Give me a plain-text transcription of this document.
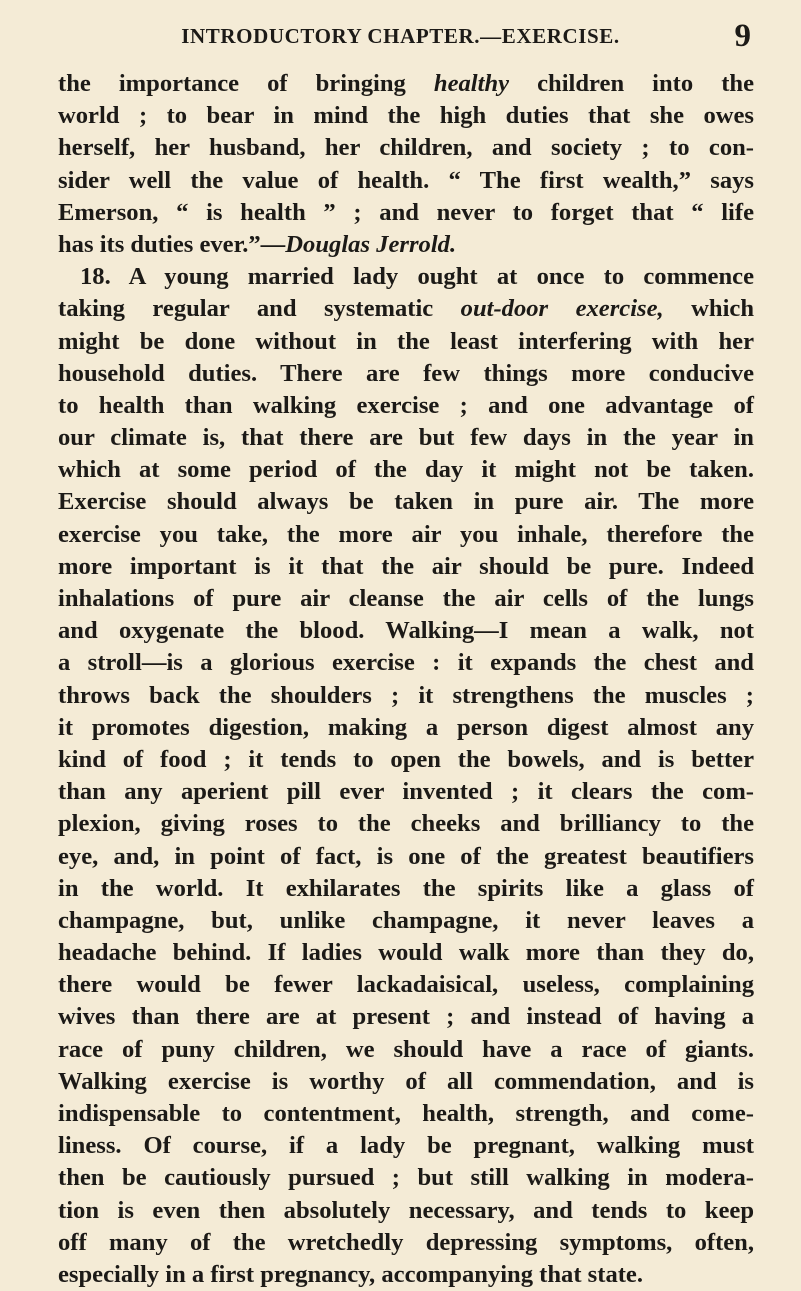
INTRODUCTORY CHAPTER.—EXERCISE.	9
the importance of bringing healthy children into the
world ; to bear in mind the high duties that she owes
herself, her husband, her children, and society ; to con-
sider well the value of health. “ The first wealth,” says
Emerson, “ is health ” ; and never to forget that “ life
has its duties ever.”—Douglas Jerrold.
18. A young married lady ought at once to commence
taking regular and systematic out-door exercise, which
might be done without in the least interfering with her
household duties. There are few things more conducive
to health than walking exercise ; and one advantage of
our climate is, that there are but few days in the year in
which at some period of the day it might not be taken.
Exercise should always be taken in pure air. The more
exercise you take, the more air you inhale, therefore the
more important is it that the air should be pure. Indeed
inhalations of pure air cleanse the air cells of the lungs
and oxygenate the blood. Walking—I mean a walk, not
a stroll—is a glorious exercise : it expands the chest and
throws back the shoulders ; it strengthens the muscles ;
it promotes digestion, making a person digest almost any
kind of food ; it tends to open the bowels, and is better
than any aperient pill ever invented ; it clears the com-
plexion, giving roses to the cheeks and brilliancy to the
eye, and, in point of fact, is one of the greatest beautifiers
in the world. It exhilarates the spirits like a glass of
champagne, but, unlike champagne, it never leaves a
headache behind. If ladies would walk more than they do,
there would be fewer lackadaisical, useless, complaining
wives than there are at present ; and instead of having a
race of puny children, we should have a race of giants.
Walking exercise is worthy of all commendation, and is
indispensable to contentment, health, strength, and come-
liness. Of course, if a lady be pregnant, walking must
then be cautiously pursued ; but still walking in modera-
tion is even then absolutely necessary, and tends to keep
off many of the wretchedly depressing symptoms, often,
especially in a first pregnancy, accompanying that state.
